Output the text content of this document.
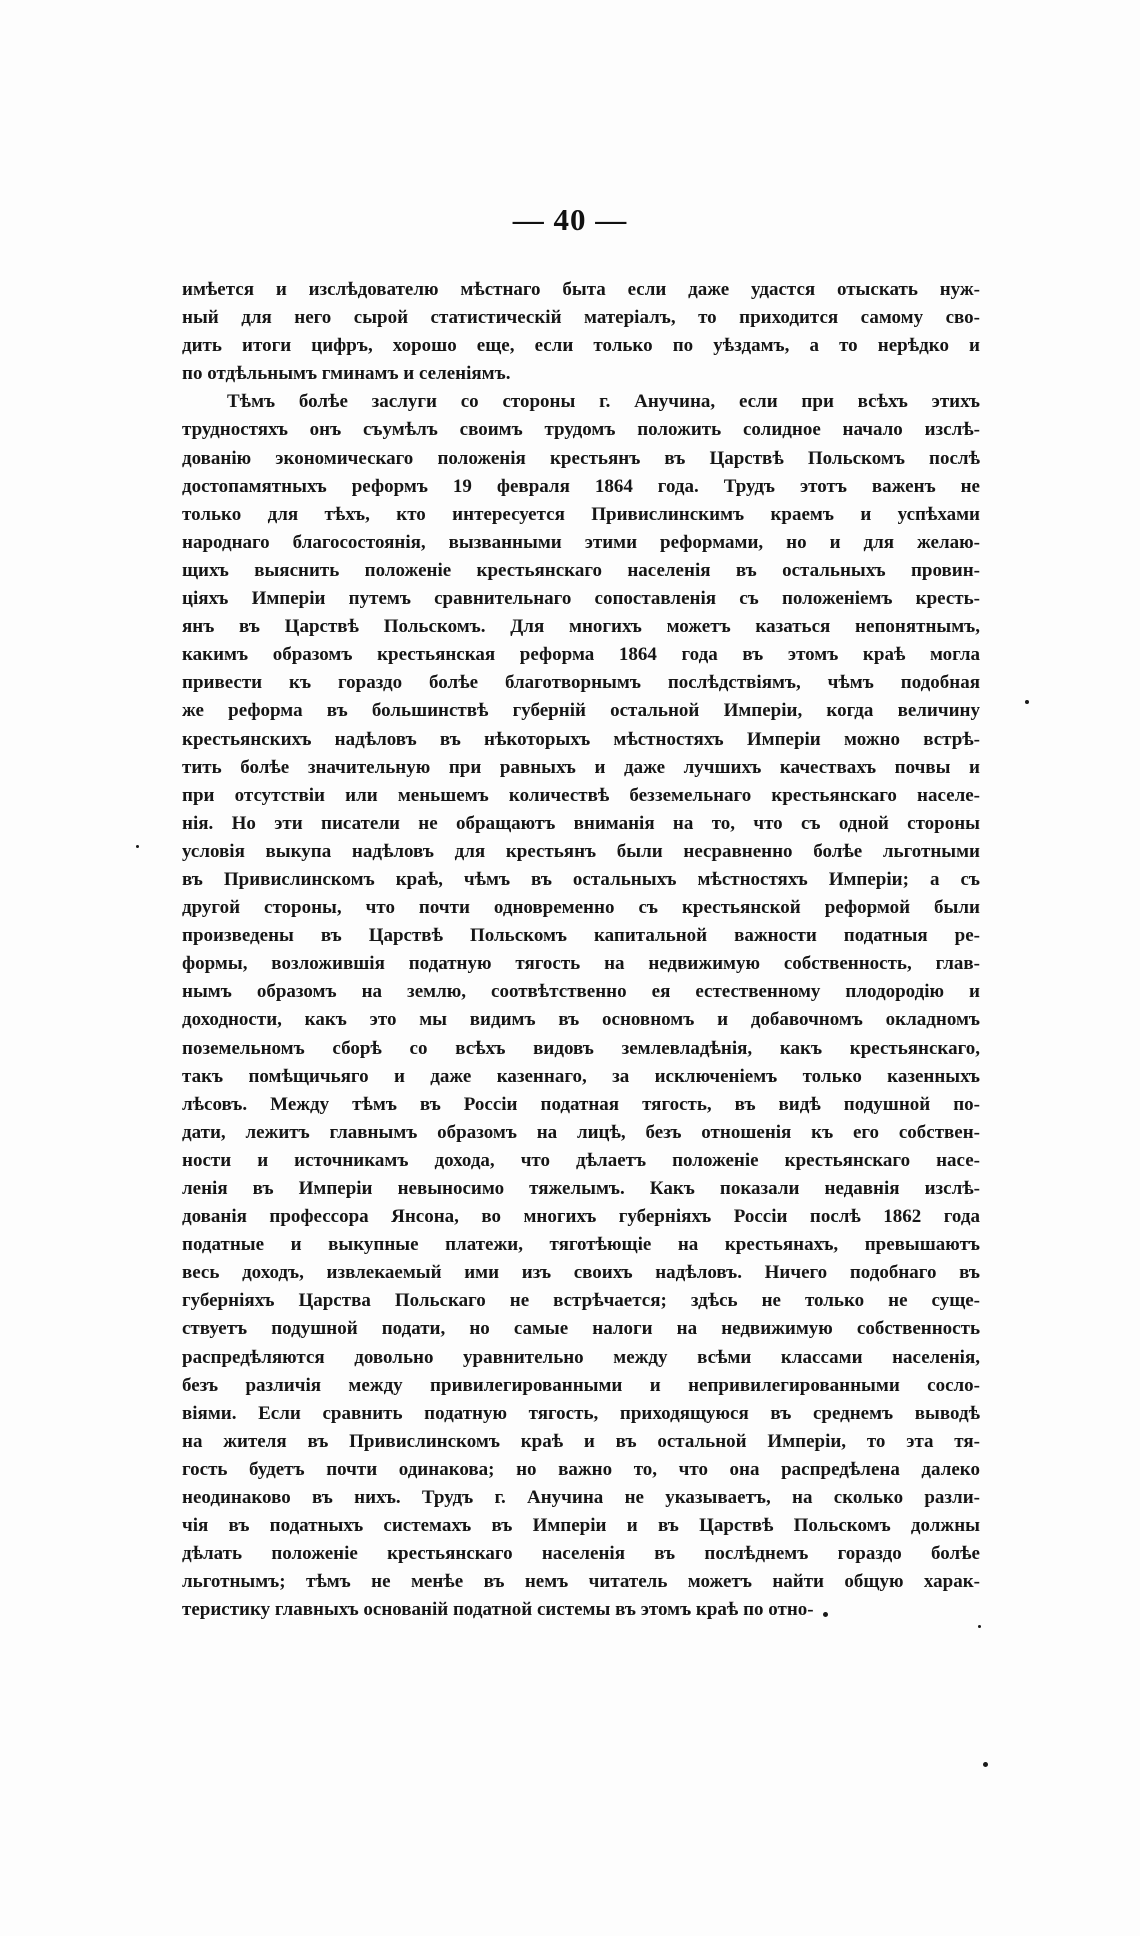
— 40 —
имѣется и изслѣдователю мѣстнаго быта если даже удастся отыскать нуж-
ный для него сырой статистическій матеріалъ, то приходится самому сво-
дить итоги цифръ, хорошо еще, если только по уѣздамъ, а то нерѣдко и
по отдѣльнымъ гминамъ и селеніямъ.
Тѣмъ болѣе заслуги со стороны г. Анучина, если при всѣхъ этихъ
трудностяхъ онъ съумѣлъ своимъ трудомъ положить солидное начало изслѣ-
дованію экономическаго положенія крестьянъ въ Царствѣ Польскомъ послѣ
достопамятныхъ реформъ 19 февраля 1864 года. Трудъ этотъ важенъ не
только для тѣхъ, кто интересуется Привислинскимъ краемъ и успѣхами
народнаго благосостоянія, вызванными этими реформами, но и для желаю-
щихъ выяснить положеніе крестьянскаго населенія въ остальныхъ провин-
ціяхъ Имперіи путемъ сравнительнаго сопоставленія съ положеніемъ кресть-
янъ въ Царствѣ Польскомъ. Для многихъ можетъ казаться непонятнымъ,
какимъ образомъ крестьянская реформа 1864 года въ этомъ краѣ могла
привести къ гораздо болѣе благотворнымъ послѣдствіямъ, чѣмъ подобная
же реформа въ большинствѣ губерній остальной Имперіи, когда величину
крестьянскихъ надѣловъ въ нѣкоторыхъ мѣстностяхъ Имперіи можно встрѣ-
тить болѣе значительную при равныхъ и даже лучшихъ качествахъ почвы и
при отсутствіи или меньшемъ количествѣ безземельнаго крестьянскаго населе-
нія. Но эти писатели не обращаютъ вниманія на то, что съ одной стороны
условія выкупа надѣловъ для крестьянъ были несравненно болѣе льготными
въ Привислинскомъ краѣ, чѣмъ въ остальныхъ мѣстностяхъ Имперіи; а съ
другой стороны, что почти одновременно съ крестьянской реформой были
произведены въ Царствѣ Польскомъ капитальной важности податныя ре-
формы, возложившія податную тягость на недвижимую собственность, глав-
нымъ образомъ на землю, соотвѣтственно ея естественному плодородію и
доходности, какъ это мы видимъ въ основномъ и добавочномъ окладномъ
поземельномъ сборѣ со всѣхъ видовъ землевладѣнія, какъ крестьянскаго,
такъ помѣщичьяго и даже казеннаго, за исключеніемъ только казенныхъ
лѣсовъ. Между тѣмъ въ Россіи податная тягость, въ видѣ подушной по-
дати, лежитъ главнымъ образомъ на лицѣ, безъ отношенія къ его собствен-
ности и источникамъ дохода, что дѣлаетъ положеніе крестьянскаго насе-
ленія въ Имперіи невыносимо тяжелымъ. Какъ показали недавнія изслѣ-
дованія профессора Янсона, во многихъ губерніяхъ Россіи послѣ 1862 года
податные и выкупные платежи, тяготѣющіе на крестьянахъ, превышаютъ
весь доходъ, извлекаемый ими изъ своихъ надѣловъ. Ничего подобнаго въ
губерніяхъ Царства Польскаго не встрѣчается; здѣсь не только не суще-
ствуетъ подушной подати, но самые налоги на недвижимую собственность
распредѣляются довольно уравнительно между всѣми классами населенія,
безъ различія между привилегированными и непривилегированными сосло-
віями. Если сравнить податную тягость, приходящуюся въ среднемъ выводѣ
на жителя въ Привислинскомъ краѣ и въ остальной Имперіи, то эта тя-
гость будетъ почти одинакова; но важно то, что она распредѣлена далеко
неодинаково въ нихъ. Трудъ г. Анучина не указываетъ, на сколько разли-
чія въ податныхъ системахъ въ Имперіи и въ Царствѣ Польскомъ должны
дѣлать положеніе крестьянскаго населенія въ послѣднемъ гораздо болѣе
льготнымъ; тѣмъ не менѣе въ немъ читатель можетъ найти общую харак-
теристику главныхъ основаній податной системы въ этомъ краѣ по отно-
